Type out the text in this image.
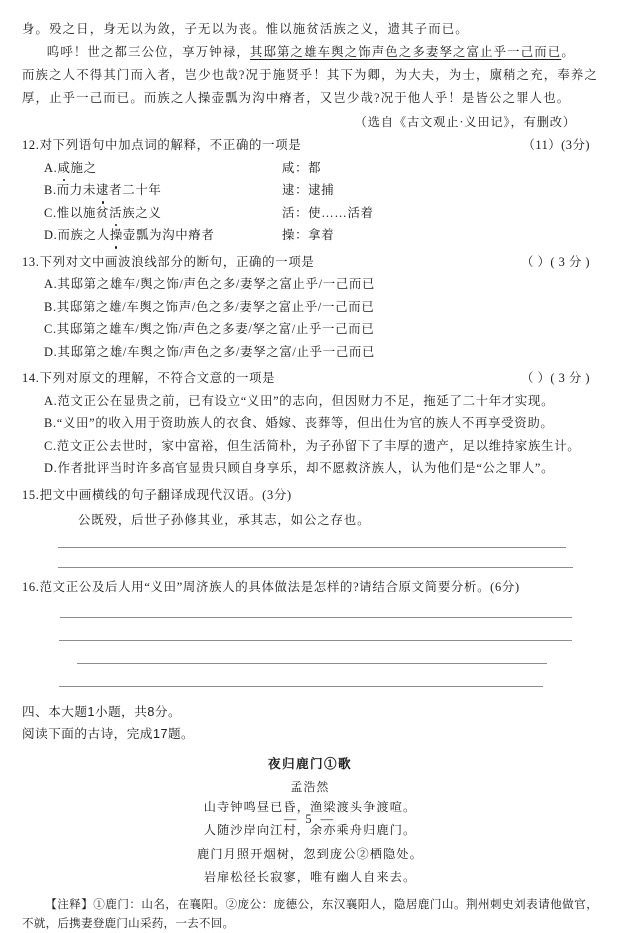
身。殁之日，身无以为敛，子无以为丧。惟以施贫活族之义，遗其子而已。

呜呼！世之都三公位，享万钟禄，其邸第之雄车舆之饰声色之多妻孥之富止乎一己而已。

而族之人不得其门而入者，岂少也哉?况于施贤乎！其下为卿，为大夫，为士，廪稍之充，奉养之厚，止乎一己而已。而族之人操壶瓢为沟中瘠者，又岂少哉?况于他人乎！是皆公之罪人也。

（选自《古文观止·义田记》，有删改）
12.对下列语句中加点词的解释，不正确的一项是	（11）(3分)
A.咸施之	咸：都
B.而力未逮者二十年	逮：逮捕
C.惟以施贫活族之义	活：使……活着
D.而族之人操壶瓢为沟中瘠者	操：拿着
13.下列对文中画波浪线部分的断句，正确的一项是	（ ）( 3 分 )
A.其邸第之雄车/舆之饰/声色之多/妻孥之富止乎/一己而已
B.其邸第之雄/车舆之饰声/色之多/妻孥之富止乎/一己而已
C.其邸第之雄车/舆之饰/声色之多妻/孥之富/止乎一己而已
D.其邸第之雄/车舆之饰/声色之多/妻孥之富/止乎一己而已
14.下列对原文的理解，不符合文意的一项是	（ ）( 3 分 )
A.范文正公在显贵之前，已有设立“义田”的志向，但因财力不足，拖延了二十年才实现。
B.“义田”的收入用于资助族人的衣食、婚嫁、丧葬等，但出仕为官的族人不再享受资助。
C.范文正公去世时，家中富裕，但生活简朴，为子孙留下了丰厚的遗产，足以维持家族生计。
D.作者批评当时许多高官显贵只顾自身享乐，却不愿救济族人，认为他们是“公之罪人”。
15.把文中画横线的句子翻译成现代汉语。(3分)
公既殁，后世子孙修其业，承其志，如公之存也。
16.范文正公及后人用“义田”周济族人的具体做法是怎样的?请结合原文简要分析。(6分)
四、本大题1小题，共8分。
阅读下面的古诗，完成17题。
夜归鹿门①歌
孟浩然
山寺钟鸣昼已昏，渔梁渡头争渡喧。
人随沙岸向江村，余亦乘舟归鹿门。
鹿门月照开烟树，忽到庞公②栖隐处。
岩扉松径长寂寥，唯有幽人自来去。
【注释】①鹿门：山名，在襄阳。②庞公：庞德公，东汉襄阳人，隐居鹿门山。荆州刺史刘表请他做官，不就，后携妻登鹿门山采药，一去不回。
— 5 —
